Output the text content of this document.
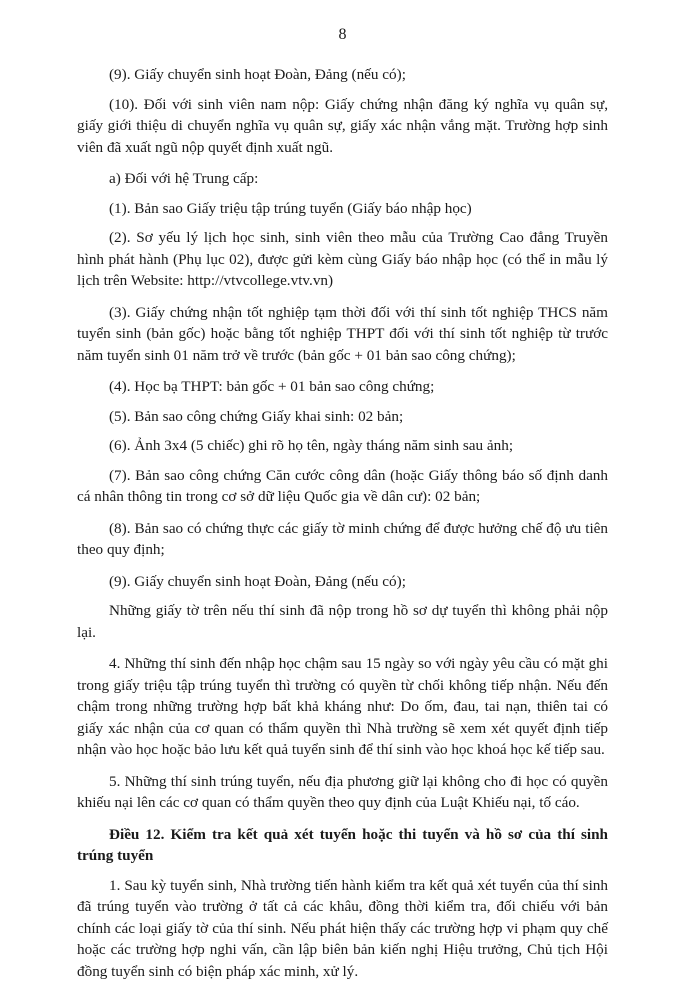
8

(9). Giấy chuyển sinh hoạt Đoàn, Đảng (nếu có);

(10). Đối với sinh viên nam nộp: Giấy chứng nhận đăng ký nghĩa vụ quân sự, giấy giới thiệu di chuyển nghĩa vụ quân sự, giấy xác nhận vắng mặt. Trường hợp sinh viên đã xuất ngũ nộp quyết định xuất ngũ.

a) Đối với hệ Trung cấp:

(1). Bản sao Giấy triệu tập trúng tuyển (Giấy báo nhập học)

(2). Sơ yếu lý lịch học sinh, sinh viên theo mẫu của Trường Cao đẳng Truyền hình phát hành (Phụ lục 02), được gửi kèm cùng Giấy báo nhập học (có thể in mẫu lý lịch trên Website: http://vtvcollege.vtv.vn)

(3). Giấy chứng nhận tốt nghiệp tạm thời đối với thí sinh tốt nghiệp THCS năm tuyển sinh (bản gốc) hoặc bằng tốt nghiệp THPT đối với thí sinh tốt nghiệp từ trước năm tuyển sinh 01 năm trở về trước (bản gốc + 01 bản sao công chứng);

(4). Học bạ THPT: bản gốc + 01 bản sao công chứng;

(5). Bản sao công chứng Giấy khai sinh: 02 bản;

(6). Ảnh 3x4 (5 chiếc) ghi rõ họ tên, ngày tháng năm sinh sau ảnh;

(7). Bản sao công chứng Căn cước công dân (hoặc Giấy thông báo số định danh cá nhân thông tin trong cơ sở dữ liệu Quốc gia về dân cư): 02 bản;

(8). Bản sao có chứng thực các giấy tờ minh chứng để được hưởng chế độ ưu tiên theo quy định;

(9). Giấy chuyển sinh hoạt Đoàn, Đảng (nếu có);

Những giấy tờ trên nếu thí sinh đã nộp trong hồ sơ dự tuyển thì không phải nộp lại.

4. Những thí sinh đến nhập học chậm sau 15 ngày so với ngày yêu cầu có mặt ghi trong giấy triệu tập trúng tuyển thì trường có quyền từ chối không tiếp nhận. Nếu đến chậm trong những trường hợp bất khả kháng như: Do ốm, đau, tai nạn, thiên tai có giấy xác nhận của cơ quan có thẩm quyền thì Nhà trường sẽ xem xét quyết định tiếp nhận vào học hoặc bảo lưu kết quả tuyển sinh để thí sinh vào học khoá học kế tiếp sau.

5. Những thí sinh trúng tuyển, nếu địa phương giữ lại không cho đi học có quyền khiếu nại lên các cơ quan có thẩm quyền theo quy định của Luật Khiếu nại, tố cáo.

Điều 12. Kiểm tra kết quả xét tuyển hoặc thi tuyển và hồ sơ của thí sinh trúng tuyển

1. Sau kỳ tuyển sinh, Nhà trường tiến hành kiểm tra kết quả xét tuyển của thí sinh đã trúng tuyển vào trường ở tất cả các khâu, đồng thời kiểm tra, đối chiếu với bản chính các loại giấy tờ của thí sinh. Nếu phát hiện thấy các trường hợp vi phạm quy chế hoặc các trường hợp nghi vấn, cần lập biên bản kiến nghị Hiệu trưởng, Chủ tịch Hội đồng tuyển sinh có biện pháp xác minh, xử lý.
